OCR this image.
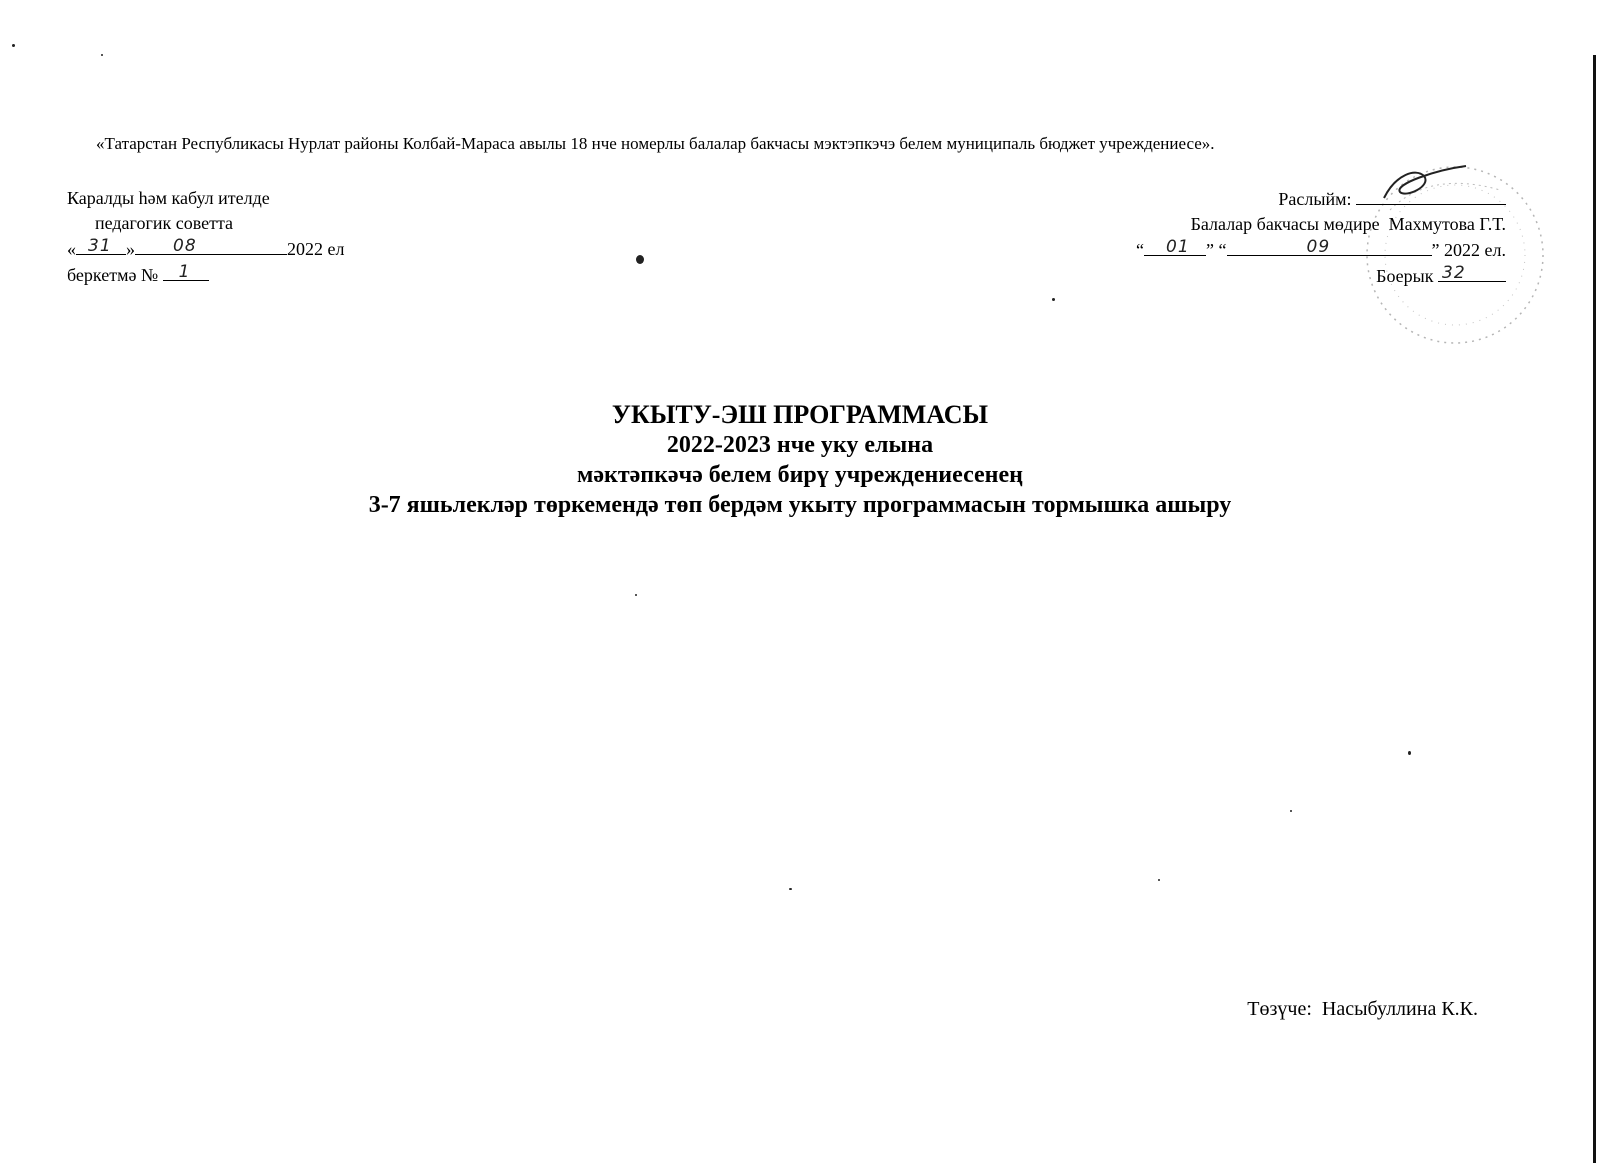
«Татарстан Республикасы Нурлат районы Колбай-Мараса авылы 18 нче номерлы балалар бакчасы мэктэпкэчэ белем муниципаль бюджет учреждениесе».
Каралды һәм кабул ителде
педагогик советта
« 31 » 08	2022 ел
беркетмә № 1
Раслыйм:
Балалар бакчасы мөдире Махмутова Г.Т.
“ 01 ” “	09	” 2022 ел.
Боерык 32
УКЫТУ-ЭШ ПРОГРАММАСЫ
2022-2023 нче уку елына
мәктәпкәчә белем бирү учреждениесенең
3-7 яшьлекләр төркемендә төп бердәм укыту программасын тормышка ашыру
Төзүче: Насыбуллина К.К.
